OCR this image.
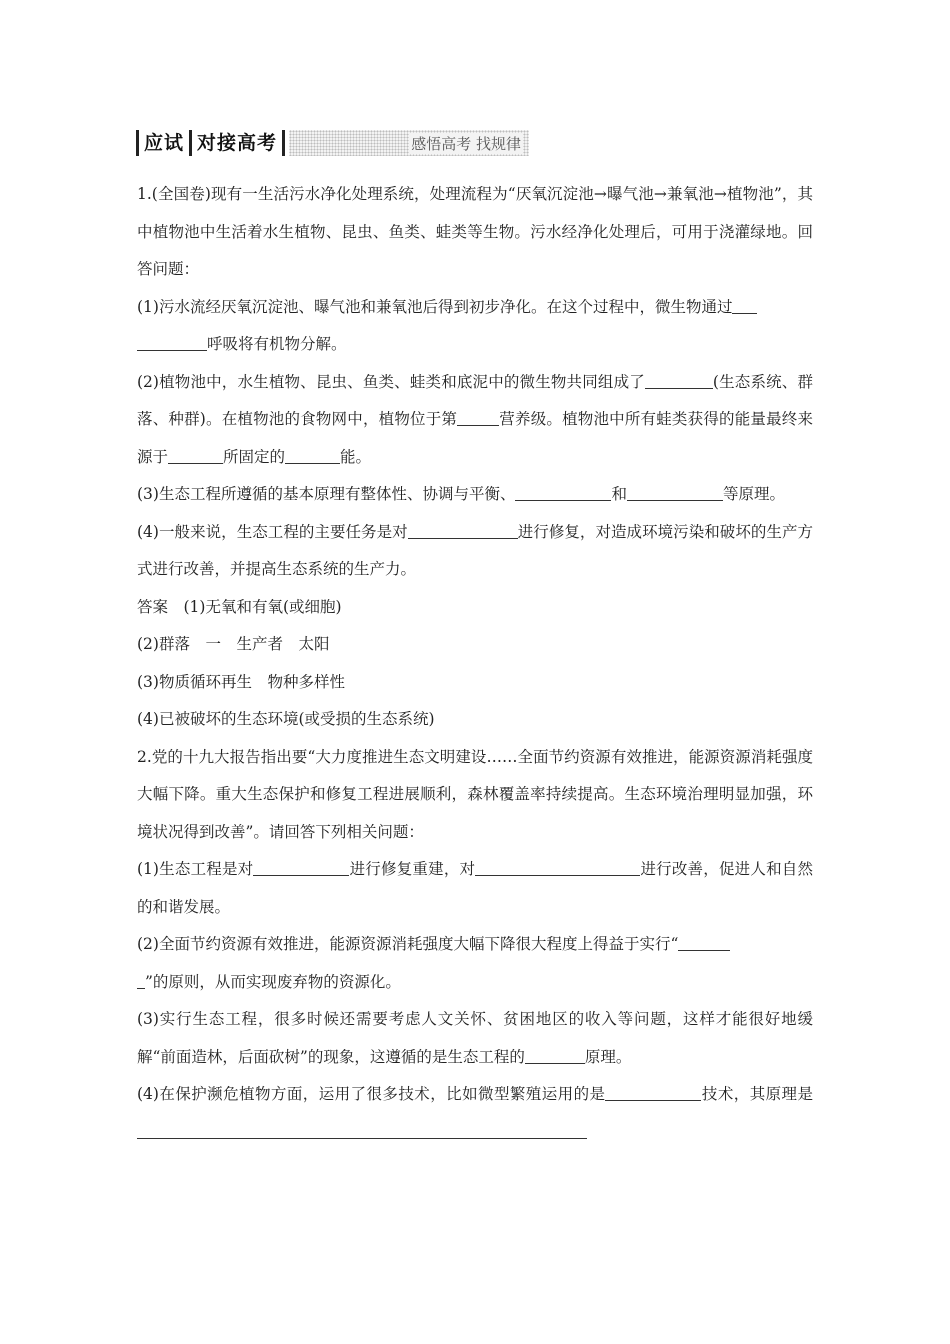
应试 对接高考	感悟高考 找规律

1.(全国卷)现有一生活污水净化处理系统，处理流程为“厌氧沉淀池→曝气池→兼氧池→植物池”，其中植物池中生活着水生植物、昆虫、鱼类、蛙类等生物。污水经净化处理后，可用于浇灌绿地。回答问题：

(1)污水流经厌氧沉淀池、曝气池和兼氧池后得到初步净化。在这个过程中，微生物通过
呼吸将有机物分解。

(2)植物池中，水生植物、昆虫、鱼类、蛙类和底泥中的微生物共同组成了	(生态系统、群落、种群)。在植物池的食物网中，植物位于第	营养级。植物池中所有蛙类获得的能量最终来源于	所固定的	能。

(3)生态工程所遵循的基本原理有整体性、协调与平衡、	和	等原理。

(4)一般来说，生态工程的主要任务是对	进行修复，对造成环境污染和破坏的生产方式进行改善，并提高生态系统的生产力。

答案　(1)无氧和有氧(或细胞)

(2)群落　一　生产者　太阳

(3)物质循环再生　物种多样性

(4)已被破坏的生态环境(或受损的生态系统)

2.党的十九大报告指出要“大力度推进生态文明建设……全面节约资源有效推进，能源资源消耗强度大幅下降。重大生态保护和修复工程进展顺利，森林覆盖率持续提高。生态环境治理明显加强，环境状况得到改善”。请回答下列相关问题：

(1)生态工程是对	进行修复重建，对	进行改善，促进人和自然的和谐发展。

(2)全面节约资源有效推进，能源资源消耗强度大幅下降很大程度上得益于实行“
”的原则，从而实现废弃物的资源化。

(3)实行生态工程，很多时候还需要考虑人文关怀、贫困地区的收入等问题，这样才能很好地缓解“前面造林，后面砍树”的现象，这遵循的是生态工程的	原理。

(4)在保护濒危植物方面，运用了很多技术，比如微型繁殖运用的是	技术，其原理是
